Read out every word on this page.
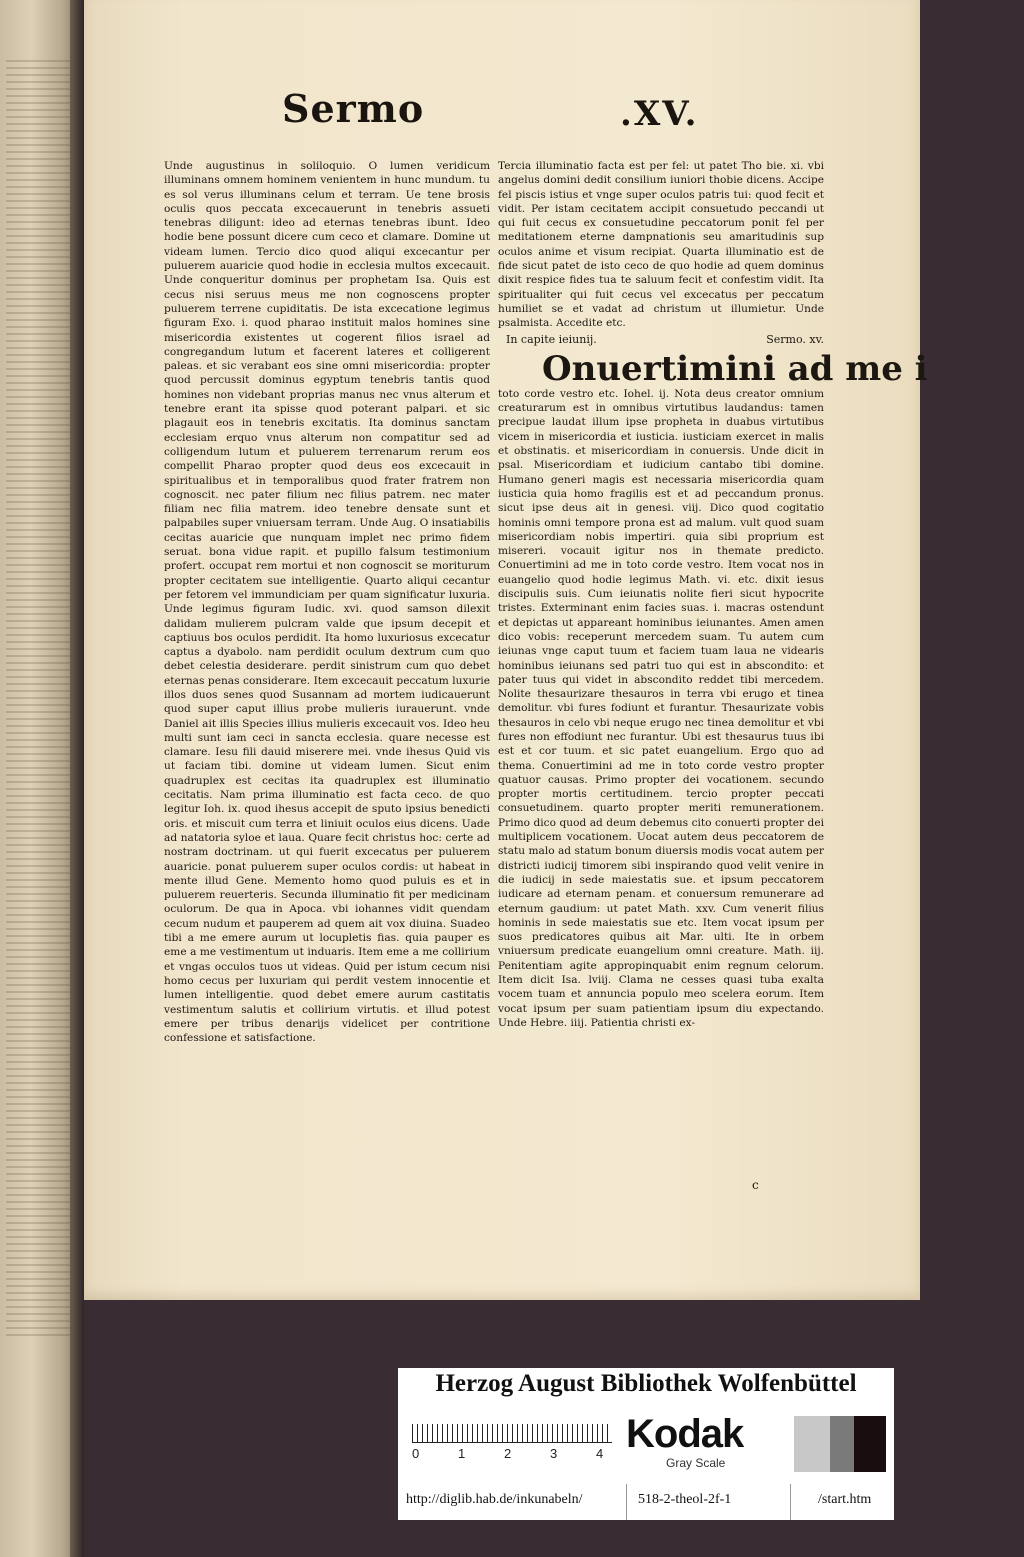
Sermo	.XV.

Unde augustinus in soliloquio. O lumen veridicum illuminans omnem hominem venientem in hunc mundum. tu es sol verus illuminans celum et terram. Ue tene brosis oculis quos peccata excecauerunt in tenebris assueti tenebras diligunt: ideo ad eternas tenebras ibunt. Ideo hodie bene possunt dicere cum ceco et clamare. Domine ut videam lumen. Tercio dico quod aliqui excecantur per puluerem auaricie quod hodie in ecclesia multos excecauit. Unde conqueritur dominus per prophetam Isa. Quis est cecus nisi seruus meus me non cognoscens propter puluerem terrene cupiditatis. De ista excecatione legimus figuram Exo. i. quod pharao instituit malos homines sine misericordia existentes ut cogerent filios israel ad congregandum lutum et facerent lateres et colligerent paleas. et sic verabant eos sine omni misericordia: propter quod percussit dominus egyptum tenebris tantis quod homines non videbant proprias manus nec vnus alterum et tenebre erant ita spisse quod poterant palpari. et sic plagauit eos in tenebris excitatis. Ita dominus sanctam ecclesiam erquo vnus alterum non compatitur sed ad colligendum lutum et puluerem terrenarum rerum eos compellit Pharao propter quod deus eos excecauit in spiritualibus et in temporalibus quod frater fratrem non cognoscit. nec pater filium nec filius patrem. nec mater filiam nec filia matrem. ideo tenebre densate sunt et palpabiles super vniuersam terram. Unde Aug. O insatiabilis cecitas auaricie que nunquam implet nec primo fidem seruat. bona vidue rapit. et pupillo falsum testimonium profert. occupat rem mortui et non cognoscit se moriturum propter cecitatem sue intelligentie. Quarto aliqui cecantur per fetorem vel immundiciam per quam significatur luxuria. Unde legimus figuram Iudic. xvi. quod samson dilexit dalidam mulierem pulcram valde que ipsum decepit et captiuus bos oculos perdidit. Ita homo luxuriosus excecatur captus a dyabolo. nam perdidit oculum dextrum cum quo debet celestia desiderare. perdit sinistrum cum quo debet eternas penas considerare. Item excecauit peccatum luxurie illos duos senes quod Susannam ad mortem iudicauerunt quod super caput illius probe mulieris iurauerunt. vnde Daniel ait illis Species illius mulieris excecauit vos. Ideo heu multi sunt iam ceci in sancta ecclesia. quare necesse est clamare. Iesu fili dauid miserere mei. vnde ihesus Quid vis ut faciam tibi. domine ut videam lumen. Sicut enim quadruplex est cecitas ita quadruplex est illuminatio cecitatis. Nam prima illuminatio est facta ceco. de quo legitur Ioh. ix. quod ihesus accepit de sputo ipsius benedicti oris. et miscuit cum terra et liniuit oculos eius dicens. Uade ad natatoria syloe et laua. Quare fecit christus hoc: certe ad nostram doctrinam. ut qui fuerit excecatus per puluerem auaricie. ponat puluerem super oculos cordis: ut habeat in mente illud Gene. Memento homo quod puluis es et in puluerem reuerteris. Secunda illuminatio fit per medicinam oculorum. De qua in Apoca. vbi iohannes vidit quendam cecum nudum et pauperem ad quem ait vox diuina. Suadeo tibi a me emere aurum ut locupletis fias. quia pauper es eme a me vestimentum ut induaris. Item eme a me collirium et vngas occulos tuos ut videas. Quid per istum cecum nisi homo cecus per luxuriam qui perdit vestem innocentie et lumen intelligentie. quod debet emere aurum castitatis vestimentum salutis et collirium virtutis. et illud potest emere per tribus denarijs videlicet per contritione confessione et satisfactione.

Tercia illuminatio facta est per fel: ut patet Tho bie. xi. vbi angelus domini dedit consilium iuniori thobie dicens. Accipe fel piscis istius et vnge super oculos patris tui: quod fecit et vidit. Per istam cecitatem accipit consuetudo peccandi ut qui fuit cecus ex consuetudine peccatorum ponit fel per meditationem eterne dampnationis seu amaritudinis sup oculos anime et visum recipiat. Quarta illuminatio est de fide sicut patet de isto ceco de quo hodie ad quem dominus dixit respice fides tua te saluum fecit et confestim vidit. Ita spiritualiter qui fuit cecus vel excecatus per peccatum humiliet se et vadat ad christum ut illumietur. Unde psalmista. Accedite etc.

In capite ieiunij.	Sermo. xv.
Onuertimini ad me i

toto corde vestro etc. Iohel. ij. Nota deus creator omnium creaturarum est in omnibus virtutibus laudandus: tamen precipue laudat illum ipse propheta in duabus virtutibus vicem in misericordia et iusticia. iusticiam exercet in malis et obstinatis. et misericordiam in conuersis. Unde dicit in psal. Misericordiam et iudicium cantabo tibi domine. Humano generi magis est necessaria misericordia quam iusticia quia homo fragilis est et ad peccandum pronus. sicut ipse deus ait in genesi. viij. Dico quod cogitatio hominis omni tempore prona est ad malum. vult quod suam misericordiam nobis impertiri. quia sibi proprium est misereri. vocauit igitur nos in themate predicto. Conuertimini ad me in toto corde vestro. Item vocat nos in euangelio quod hodie legimus Math. vi. etc. dixit iesus discipulis suis. Cum ieiunatis nolite fieri sicut hypocrite tristes. Exterminant enim facies suas. i. macras ostendunt et depictas ut appareant hominibus ieiunantes. Amen amen dico vobis: receperunt mercedem suam. Tu autem cum ieiunas vnge caput tuum et faciem tuam laua ne videaris hominibus ieiunans sed patri tuo qui est in abscondito: et pater tuus qui videt in abscondito reddet tibi mercedem. Nolite thesaurizare thesauros in terra vbi erugo et tinea demolitur. vbi fures fodiunt et furantur. Thesaurizate vobis thesauros in celo vbi neque erugo nec tinea demolitur et vbi fures non effodiunt nec furantur. Ubi est thesaurus tuus ibi est et cor tuum. et sic patet euangelium. Ergo quo ad thema. Conuertimini ad me in toto corde vestro propter quatuor causas. Primo propter dei vocationem. secundo propter mortis certitudinem. tercio propter peccati consuetudinem. quarto propter meriti remunerationem. Primo dico quod ad deum debemus cito conuerti propter dei multiplicem vocationem. Uocat autem deus peccatorem de statu malo ad statum bonum diuersis modis vocat autem per districti iudicij timorem sibi inspirando quod velit venire in die iudicij in sede maiestatis sue. et ipsum peccatorem iudicare ad eternam penam. et conuersum remunerare ad eternum gaudium: ut patet Math. xxv. Cum venerit filius hominis in sede maiestatis sue etc. Item vocat ipsum per suos predicatores quibus ait Mar. ulti. Ite in orbem vniuersum predicate euangelium omni creature. Math. iij. Penitentiam agite appropinquabit enim regnum celorum. Item dicit Isa. lviij. Clama ne cesses quasi tuba exalta vocem tuam et annuncia populo meo scelera eorum. Item vocat ipsum per suam patientiam ipsum diu expectando. Unde Hebre. iiij. Patientia christi ex-

c
Herzog August Bibliothek Wolfenbüttel
0	1	2	3	4 Kodak
Gray Scale
http://diglib.hab.de/inkunabeln/	518-2-theol-2f-1	/start.htm
